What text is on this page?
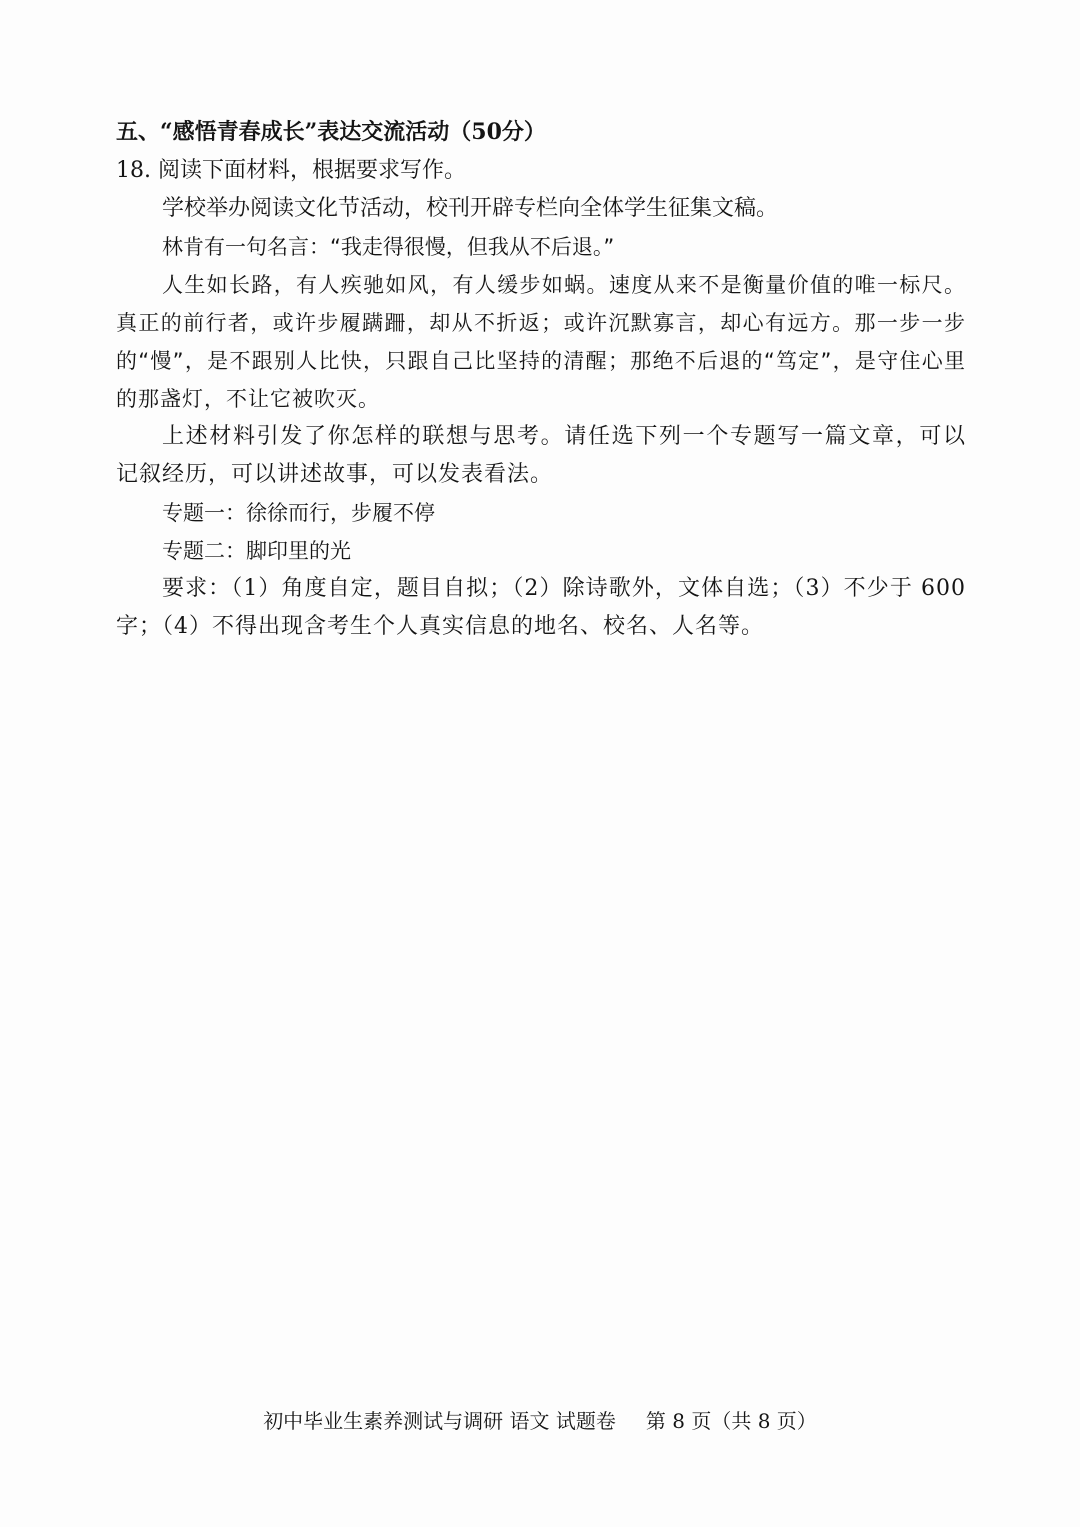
五、“感悟青春成长”表达交流活动（50分）
18. 阅读下面材料，根据要求写作。
学校举办阅读文化节活动，校刊开辟专栏向全体学生征集文稿。
林肯有一句名言：“我走得很慢，但我从不后退。”
人生如长路，有人疾驰如风，有人缓步如蜗。速度从来不是衡量价值的唯一标尺。真正的前行者，或许步履蹒跚，却从不折返；或许沉默寡言，却心有远方。那一步一步的“慢”，是不跟别人比快，只跟自己比坚持的清醒；那绝不后退的“笃定”，是守住心里的那盏灯，不让它被吹灭。
上述材料引发了你怎样的联想与思考。请任选下列一个专题写一篇文章，可以记叙经历，可以讲述故事，可以发表看法。
专题一：徐徐而行，步履不停
专题二：脚印里的光
要求：（1）角度自定，题目自拟；（2）除诗歌外，文体自选；（3）不少于 600 字；（4）不得出现含考生个人真实信息的地名、校名、人名等。
初中毕业生素养测试与调研 语文 试题卷 第 8 页（共 8 页）
